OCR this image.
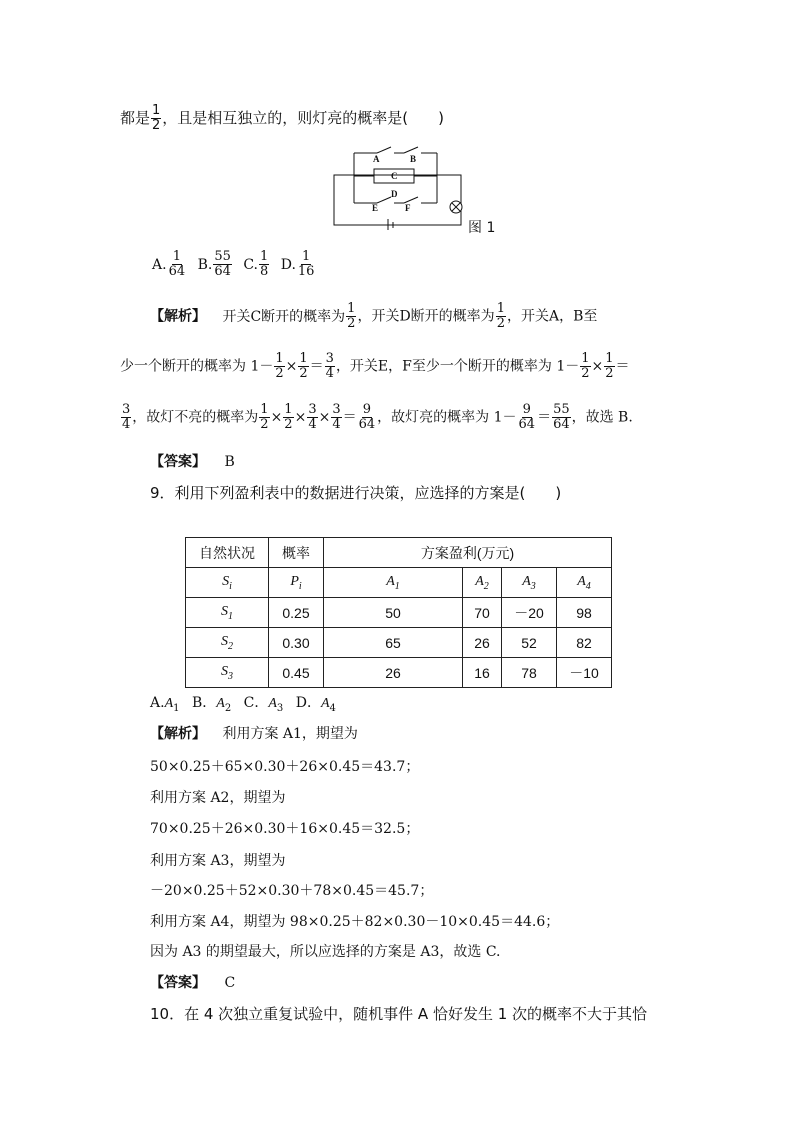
都是 $\frac{1}{2}$ ，且是相互独立的，则灯亮的概率是(　　)
A	B
C
D
E	F
图 1
A. $\frac{1}{64} B$. $\frac{55}{64} C$. $\frac{1}{8} D$. $\frac{1}{16}$
【解析】 开关C断开的概率为 $\frac{1}{2}$ ，开关D断开的概率为 $\frac{1}{2}$ ，开关A，B至
少一个断开的概率为 $1- \frac{1}{2} \times \frac{1}{2} = \frac{3}{4}$ ，开关E，F至少一个断开的概率为 $1- \frac{1}{2} \times \frac{1}{2}$ ＝
$\frac{3}{4}$ ，故灯不亮的概率为 $\frac{1}{2} \times \frac{1}{2} \times \frac{3}{4} \times \frac{3}{4} = \frac{9}{64}$ ，故灯亮的概率为 $1- \frac{9}{64} = \frac{55}{64}$ ，故选 B.
【答案】 B
9．利用下列盈利表中的数据进行决策，应选择的方案是(　　)
自然状况	概率	方案盈利(万元)			
$S_i$	$P_i$	$A_1$	$A_2$	$A_3$	$A_4$
$S_1$	0.25	50	70	－20	98
$S_2$	0.30	65	26	52	82
$S_3$	0.45	26	16	78	－10
$A.A_1$ B．$A_2$ C．$A_3$ D．$A_4$
【解析】 利用方案 A1，期望为
50×0.25＋65×0.30＋26×0.45＝43.7；
利用方案 A2，期望为
70×0.25＋26×0.30＋16×0.45＝32.5；
利用方案 A3，期望为
－20×0.25＋52×0.30＋78×0.45＝45.7；
利用方案 A4，期望为 98×0.25＋82×0.30－10×0.45＝44.6；
因为 A3 的期望最大，所以应选择的方案是 A3，故选 C.
【答案】 C
10．在 4 次独立重复试验中，随机事件 A 恰好发生 1 次的概率不大于其恰
